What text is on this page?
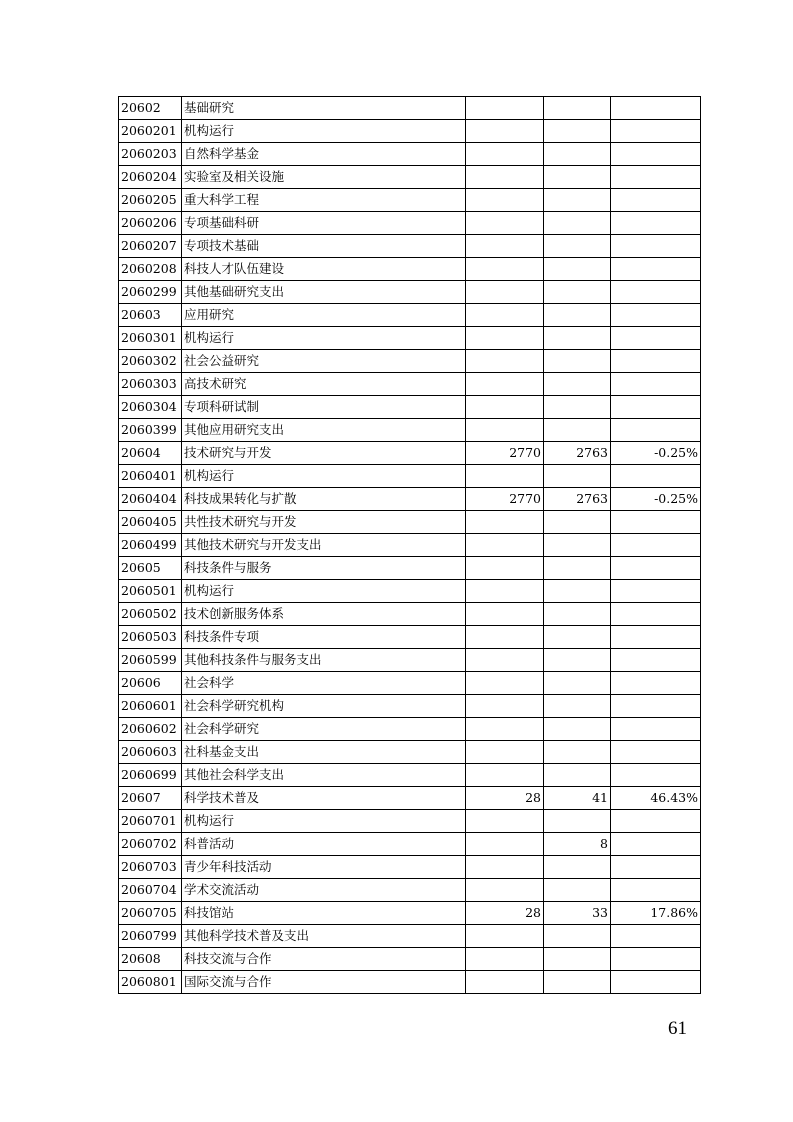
20602	基础研究			
2060201	机构运行			
2060203	自然科学基金			
2060204	实验室及相关设施			
2060205	重大科学工程			
2060206	专项基础科研			
2060207	专项技术基础			
2060208	科技人才队伍建设			
2060299	其他基础研究支出			
20603	应用研究			
2060301	机构运行			
2060302	社会公益研究			
2060303	高技术研究			
2060304	专项科研试制			
2060399	其他应用研究支出			
20604	技术研究与开发	2770	2763	-0.25%
2060401	机构运行			
2060404	科技成果转化与扩散	2770	2763	-0.25%
2060405	共性技术研究与开发			
2060499	其他技术研究与开发支出			
20605	科技条件与服务			
2060501	机构运行			
2060502	技术创新服务体系			
2060503	科技条件专项			
2060599	其他科技条件与服务支出			
20606	社会科学			
2060601	社会科学研究机构			
2060602	社会科学研究			
2060603	社科基金支出			
2060699	其他社会科学支出			
20607	科学技术普及	28	41	46.43%
2060701	机构运行			
2060702	科普活动		8	
2060703	青少年科技活动			
2060704	学术交流活动			
2060705	科技馆站	28	33	17.86%
2060799	其他科学技术普及支出			
20608	科技交流与合作			
2060801	国际交流与合作			
61
